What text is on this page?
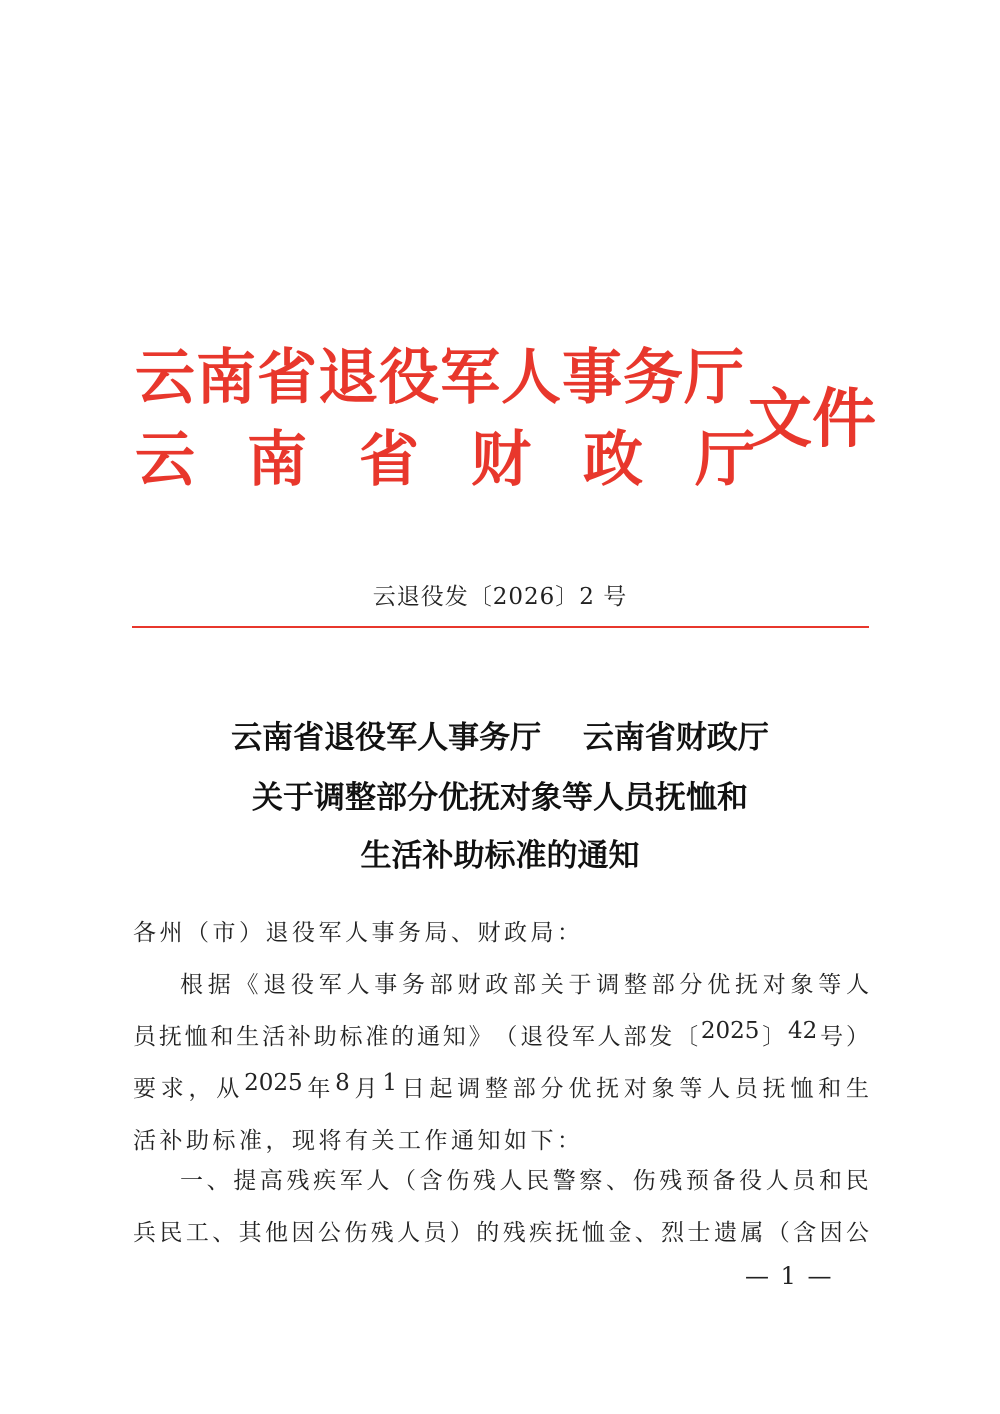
云南省退役军人事务厅
云 南 省 财 政 厅
文件
云退役发〔2026〕2 号
云南省退役军人事务厅　 云南省财政厅
关于调整部分优抚对象等人员抚恤和
生活补助标准的通知
各州（市）退役军人事务局、财政局：
根 据 《 退 役 军 人 事 务 部 财 政 部 关 于 调 整 部 分 优 抚 对 象 等 人
员 抚 恤 和 生 活 补 助 标 准 的 通 知 》 （ 退 役 军 人 部 发 〔 2025 〕 42 号 ）
要 求 ， 从 2025 年 8 月 1 日 起 调 整 部 分 优 抚 对 象 等 人 员 抚 恤 和 生
活补助标准，现将有关工作通知如下：
一 、 提 高 残 疾 军 人 （ 含 伤 残 人 民 警 察 、 伤 残 预 备 役 人 员 和 民
兵 民 工 、 其 他 因 公 伤 残 人 员 ） 的 残 疾 抚 恤 金 、 烈 士 遗 属 （ 含 因 公
— 1 —
